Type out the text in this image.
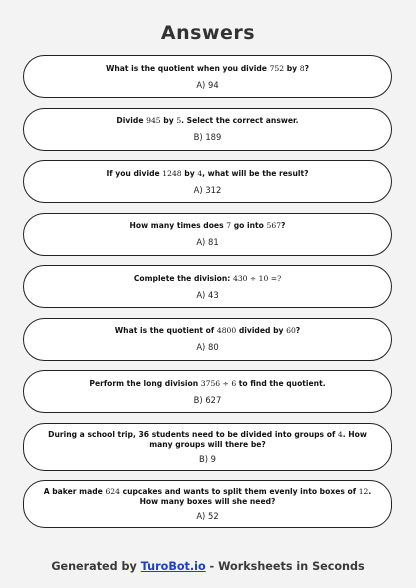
Answers
What is the quotient when you divide 752 by 8?
A) 94
Divide 945 by 5. Select the correct answer.
B) 189
If you divide 1248 by 4, what will be the result?
A) 312
How many times does 7 go into 567?
A) 81
Complete the division: 430 ÷ 10 =?
A) 43
What is the quotient of 4800 divided by 60?
A) 80
Perform the long division 3756 ÷ 6 to find the quotient.
B) 627
During a school trip, 36 students need to be divided into groups of 4. How many groups will there be?
B) 9
A baker made 624 cupcakes and wants to split them evenly into boxes of 12. How many boxes will she need?
A) 52
Generated by TuroBot.io - Worksheets in Seconds
